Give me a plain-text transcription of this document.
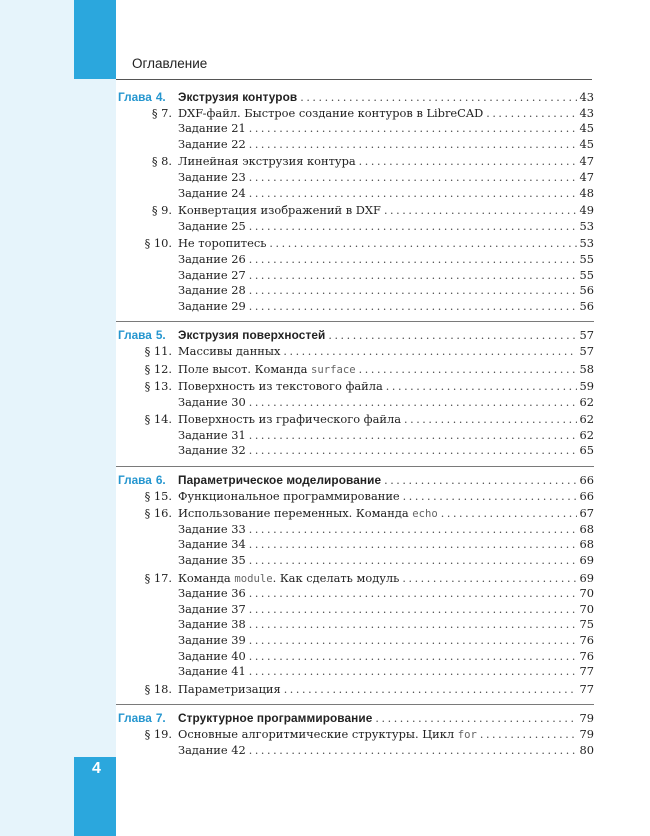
4
Оглавление
Глава 4.	Экструзия контуров .....	43
§ 7. DXF-файл. Быстрое создание контуров в LibreCAD .....	43
Задание 21 .....	45
Задание 22 .....	45
§ 8. Линейная экструзия контура .....	47
Задание 23 .....	47
Задание 24 .....	48
§ 9. Конвертация изображений в DXF .....	49
Задание 25 .....	53
§ 10. Не торопитесь .....	53
Задание 26 .....	55
Задание 27 .....	55
Задание 28 .....	56
Задание 29 .....	56
Глава 5.	Экструзия поверхностей .....	57
§ 11. Массивы данных .....	57
§ 12. Поле высот. Команда surface .....	58
§ 13. Поверхность из текстового файла .....	59
Задание 30 .....	62
§ 14. Поверхность из графического файла .....	62
Задание 31 .....	62
Задание 32 .....	65
Глава 6.	Параметрическое моделирование .....	66
§ 15. Функциональное программирование .....	66
§ 16. Использование переменных. Команда echo .....	67
Задание 33 .....	68
Задание 34 .....	68
Задание 35 .....	69
§ 17. Команда module. Как сделать модуль .....	69
Задание 36 .....	70
Задание 37 .....	70
Задание 38 .....	75
Задание 39 .....	76
Задание 40 .....	76
Задание 41 .....	77
§ 18. Параметризация .....	77
Глава 7.	Структурное программирование .....	79
§ 19. Основные алгоритмические структуры. Цикл for .....	79
Задание 42 .....	80
